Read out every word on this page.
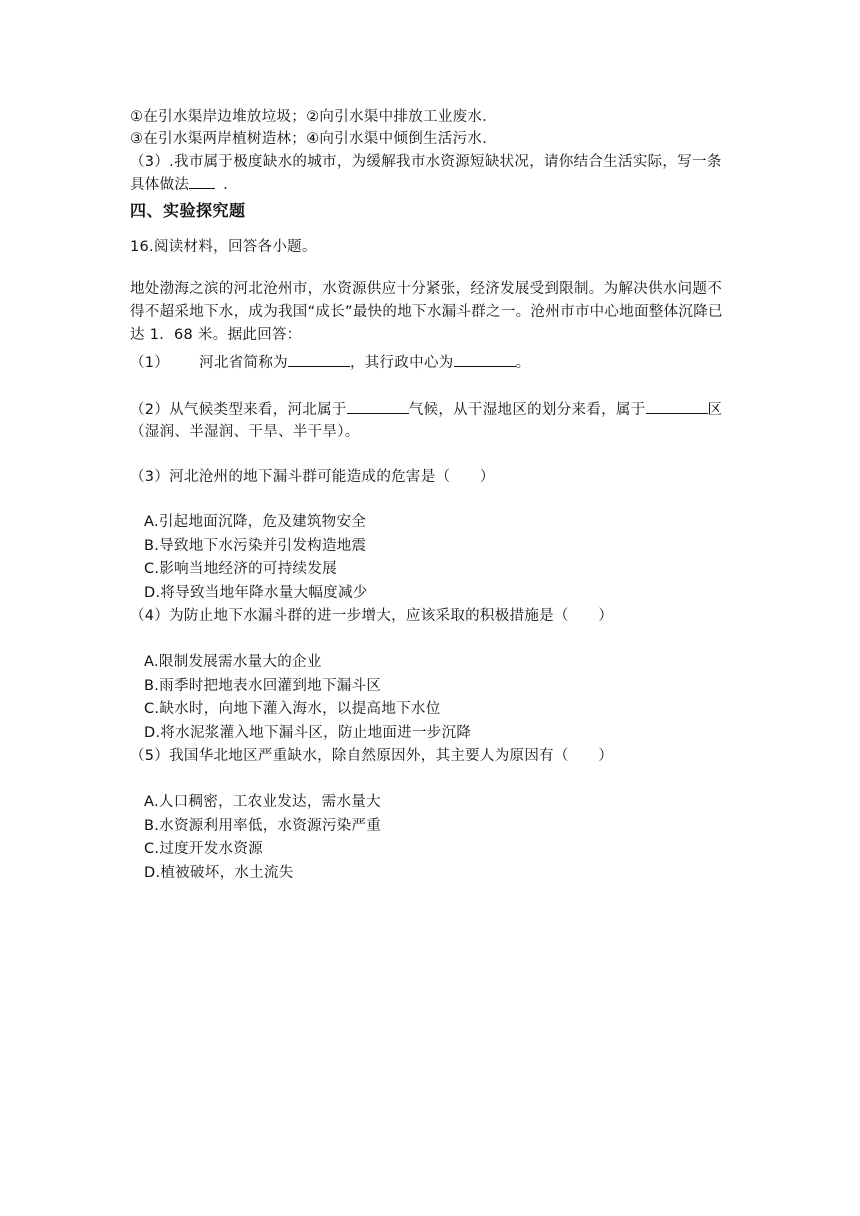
①在引水渠岸边堆放垃圾；②向引水渠中排放工业废水．
③在引水渠两岸植树造林；④向引水渠中倾倒生活污水．
（3）.我市属于极度缺水的城市，为缓解我市水资源短缺状况，请你结合生活实际，写一条
具体做法 ．
四、实验探究题
16.阅读材料，回答各小题。
地处渤海之滨的河北沧州市，水资源供应十分紧张，经济发展受到限制。为解决供水问题不
得不超采地下水，成为我国“成长”最快的地下水漏斗群之一。沧州市市中心地面整体沉降已
达 1．68 米。据此回答：
（1） 河北省简称为	，其行政中心为	。
（2）从气候类型来看，河北属于	气候，从干湿地区的划分来看，属于	区
（湿润、半湿润、干旱、半干旱）。
（3）河北沧州的地下漏斗群可能造成的危害是（　　）
A.引起地面沉降，危及建筑物安全
B.导致地下水污染并引发构造地震
C.影响当地经济的可持续发展
D.将导致当地年降水量大幅度减少
（4）为防止地下水漏斗群的进一步增大，应该采取的积极措施是（　　）
A.限制发展需水量大的企业
B.雨季时把地表水回灌到地下漏斗区
C.缺水时，向地下灌入海水，以提高地下水位
D.将水泥浆灌入地下漏斗区，防止地面进一步沉降
（5）我国华北地区严重缺水，除自然原因外，其主要人为原因有（　　）
A.人口稠密，工农业发达，需水量大
B.水资源利用率低，水资源污染严重
C.过度开发水资源
D.植被破坏，水土流失
